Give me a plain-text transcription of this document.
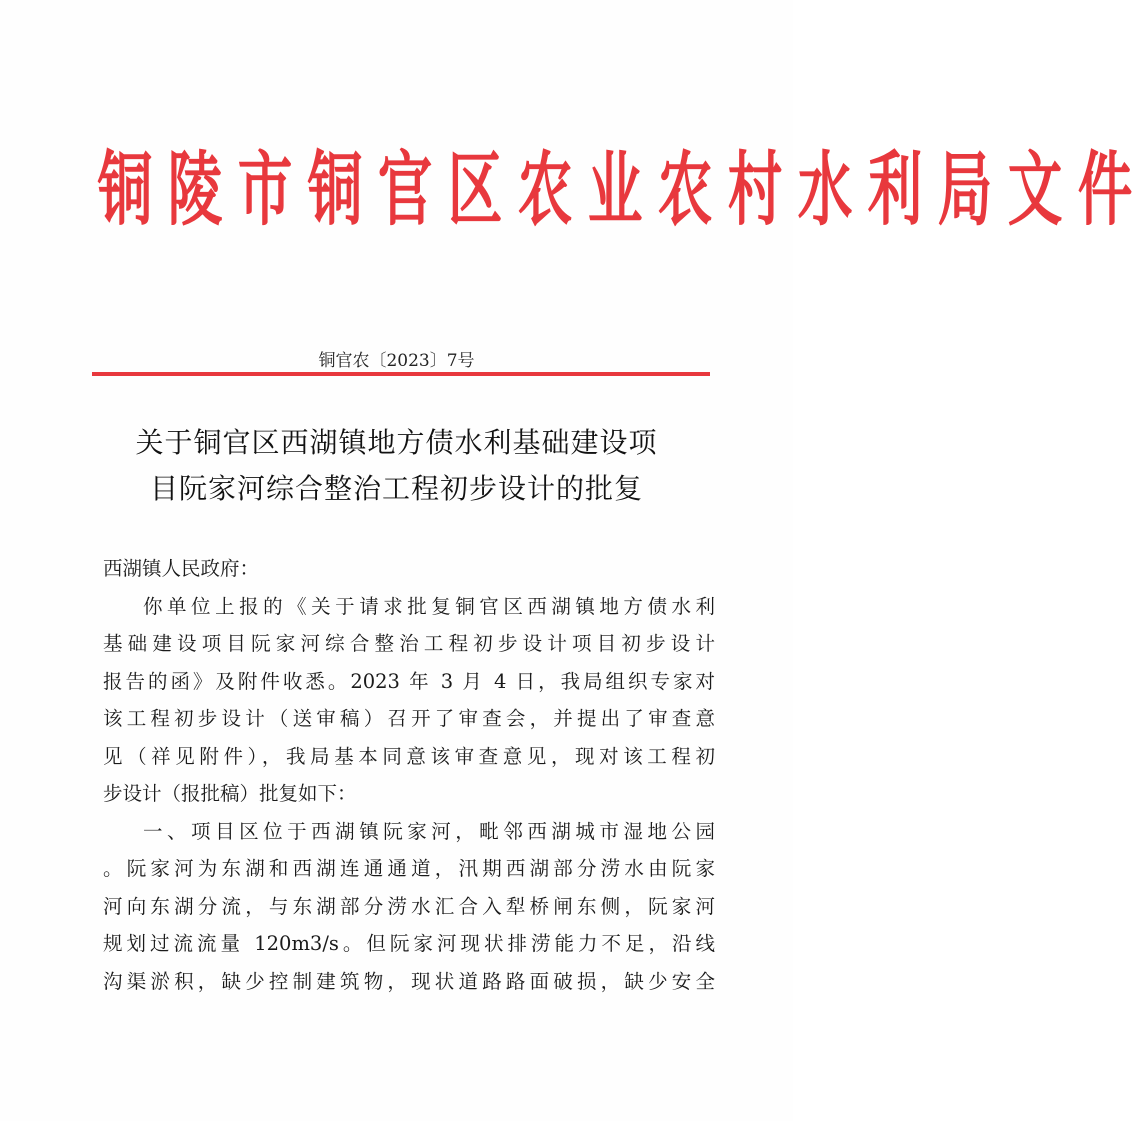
铜 陵 市 铜 官 区 农 业 农 村 水 利 局 文 件
铜官农〔2023〕7号
关于铜官区西湖镇地方债水利基础建设项
目阮家河综合整治工程初步设计的批复
西湖镇人民政府：
你单位上报的《关于请求批复铜官区西湖镇地方债水利
基础建设项目阮家河综合整治工程初步设计项目初步设计
报告的函》及附件收悉。2023 年 3 月 4 日，我局组织专家对
该工程初步设计（送审稿）召开了审查会，并提出了审查意
见（祥见附件），我局基本同意该审查意见，现对该工程初
步设计（报批稿）批复如下：
一、项目区位于西湖镇阮家河，毗邻西湖城市湿地公园
。阮家河为东湖和西湖连通通道，汛期西湖部分涝水由阮家
河向东湖分流，与东湖部分涝水汇合入犁桥闸东侧，阮家河
规划过流流量 120m3/s。但阮家河现状排涝能力不足，沿线
沟渠淤积，缺少控制建筑物，现状道路路面破损，缺少安全
